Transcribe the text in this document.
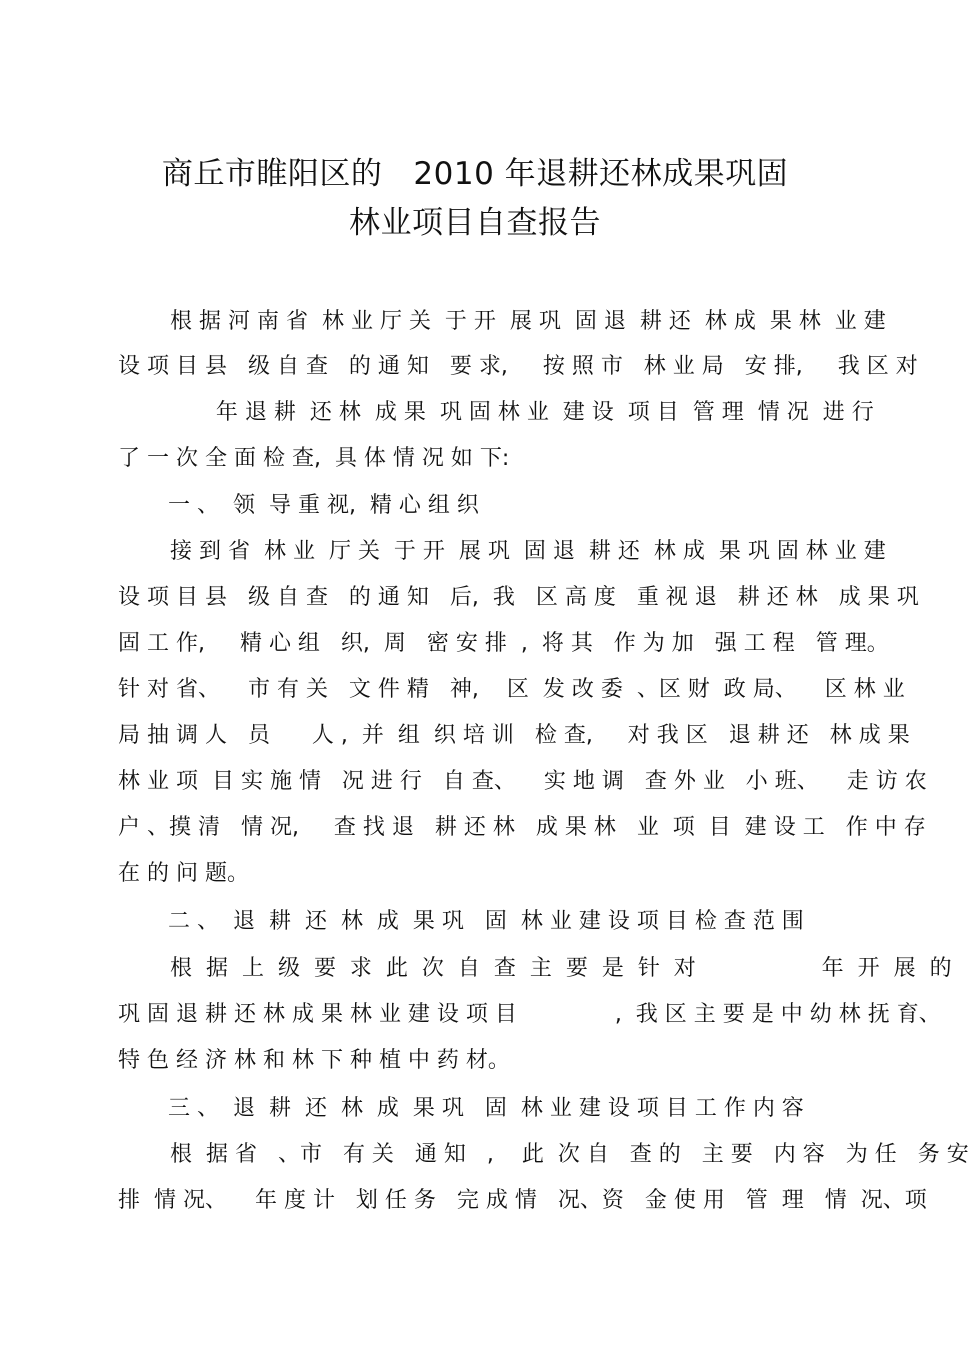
商丘市睢阳区的   2010 年退耕还林成果巩固
林业项目自查报告
根 据 河 南 省  林 业 厅 关  于 开  展 巩  固 退  耕 还  林 成  果 林  业 建
设 项 目 县   级 自 查   的 通 知   要 求,     按 照 市   林 业 局   安 排,     我 区 对
年 退 耕  还 林  成 果  巩 固 林 业  建 设  项 目  管 理  情 况  进 行
了 一 次 全 面 检 查,  具 体 情 况 如 下:
一 、  领  导 重 视,  精 心 组 织
接 到 省  林 业  厅 关  于 开  展 巩  固 退  耕 还  林 成  果 巩 固 林 业 建
设 项 目 县   级 自 查   的 通 知   后,  我   区 高 度   重 视 退   耕 还 林   成 果 巩
固 工 作,     精 心 组   织,  周   密 安 排  ,  将 其   作 为 加   强 工 程   管 理。
针 对 省、    市 有 关   文 件 精   神,    区  发 改 委  、区 财  政 局、    区 林 业
局 抽 调 人   员      人 ,  并  组  织 培 训   检 查,     对 我 区   退 耕 还   林 成 果
林 业 项  目 实 施 情   况 进 行   自 查、    实 地 调   查 外 业   小 班、    走 访 农
户 、摸 清   情 况,     查 找 退   耕 还 林   成 果 林   业  项  目  建 设 工   作 中 存
在 的 问 题。
二 、  退  耕  还  林  成  果 巩   固  林 业 建 设 项 目 检 查 范 围
根  据  上  级  要  求  此  次  自  查  主  要  是  针  对                  年  开  展  的
巩 固 退 耕 还 林 成 果 林 业 建 设 项 目              ,  我 区 主 要 是 中 幼 林 抚 育、
特 色 经 济 林 和 林 下 种 植 中 药 材。
三 、  退  耕  还  林  成  果 巩   固  林 业 建 设 项 目 工 作 内 容
根  据 省   、市   有 关   通 知   ,    此  次 自   查 的   主 要   内 容   为 任   务 安
排  情 况、    年 度 计   划 任 务   完 成 情   况、资   金 使 用   管  理   情  况、项
